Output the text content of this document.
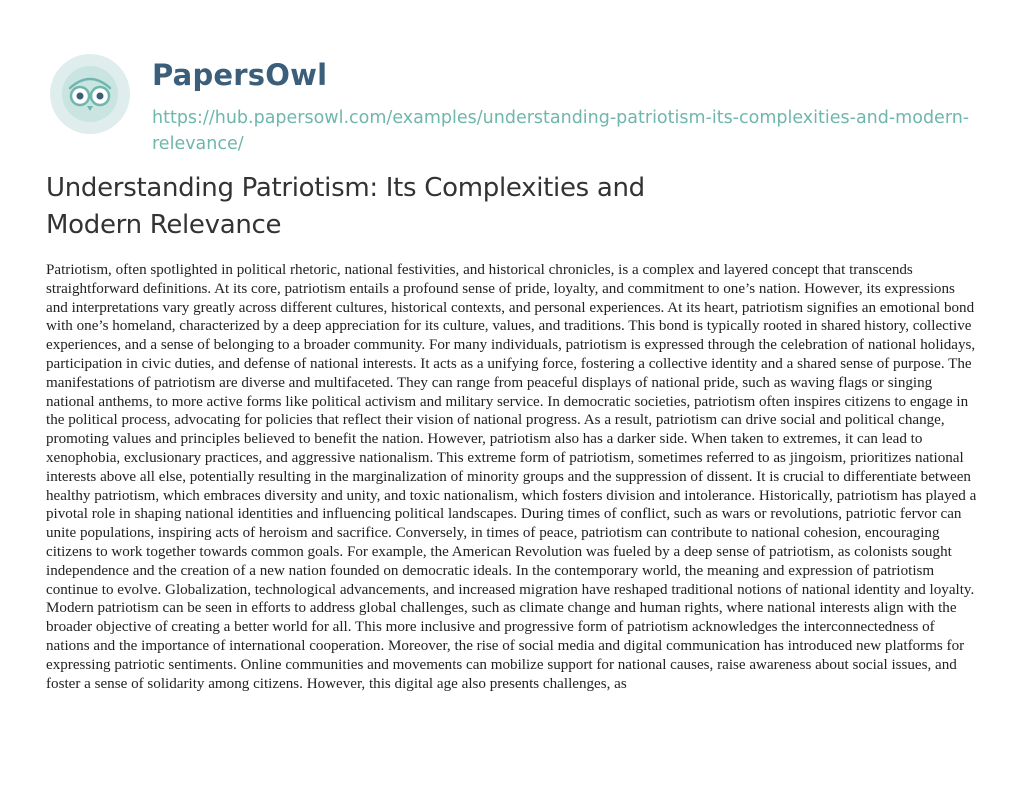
PapersOwl
https://hub.papersowl.com/examples/understanding-patriotism-its-complexities-and-modern-relevance/
Understanding Patriotism: Its Complexities and Modern Relevance

Patriotism, often spotlighted in political rhetoric, national festivities, and historical chronicles, is a complex and layered concept that transcends straightforward definitions. At its core, patriotism entails a profound sense of pride, loyalty, and commitment to one’s nation. However, its expressions and interpretations vary greatly across different cultures, historical contexts, and personal experiences. At its heart, patriotism signifies an emotional bond with one’s homeland, characterized by a deep appreciation for its culture, values, and traditions. This bond is typically rooted in shared history, collective experiences, and a sense of belonging to a broader community. For many individuals, patriotism is expressed through the celebration of national holidays, participation in civic duties, and defense of national interests. It acts as a unifying force, fostering a collective identity and a shared sense of purpose. The manifestations of patriotism are diverse and multifaceted. They can range from peaceful displays of national pride, such as waving flags or singing national anthems, to more active forms like political activism and military service. In democratic societies, patriotism often inspires citizens to engage in the political process, advocating for policies that reflect their vision of national progress. As a result, patriotism can drive social and political change, promoting values and principles believed to benefit the nation. However, patriotism also has a darker side. When taken to extremes, it can lead to xenophobia, exclusionary practices, and aggressive nationalism. This extreme form of patriotism, sometimes referred to as jingoism, prioritizes national interests above all else, potentially resulting in the marginalization of minority groups and the suppression of dissent. It is crucial to differentiate between healthy patriotism, which embraces diversity and unity, and toxic nationalism, which fosters division and intolerance. Historically, patriotism has played a pivotal role in shaping national identities and influencing political landscapes. During times of conflict, such as wars or revolutions, patriotic fervor can unite populations, inspiring acts of heroism and sacrifice. Conversely, in times of peace, patriotism can contribute to national cohesion, encouraging citizens to work together towards common goals. For example, the American Revolution was fueled by a deep sense of patriotism, as colonists sought independence and the creation of a new nation founded on democratic ideals. In the contemporary world, the meaning and expression of patriotism continue to evolve. Globalization, technological advancements, and increased migration have reshaped traditional notions of national identity and loyalty. Modern patriotism can be seen in efforts to address global challenges, such as climate change and human rights, where national interests align with the broader objective of creating a better world for all. This more inclusive and progressive form of patriotism acknowledges the interconnectedness of nations and the importance of international cooperation. Moreover, the rise of social media and digital communication has introduced new platforms for expressing patriotic sentiments. Online communities and movements can mobilize support for national causes, raise awareness about social issues, and foster a sense of solidarity among citizens. However, this digital age also presents challenges, as
